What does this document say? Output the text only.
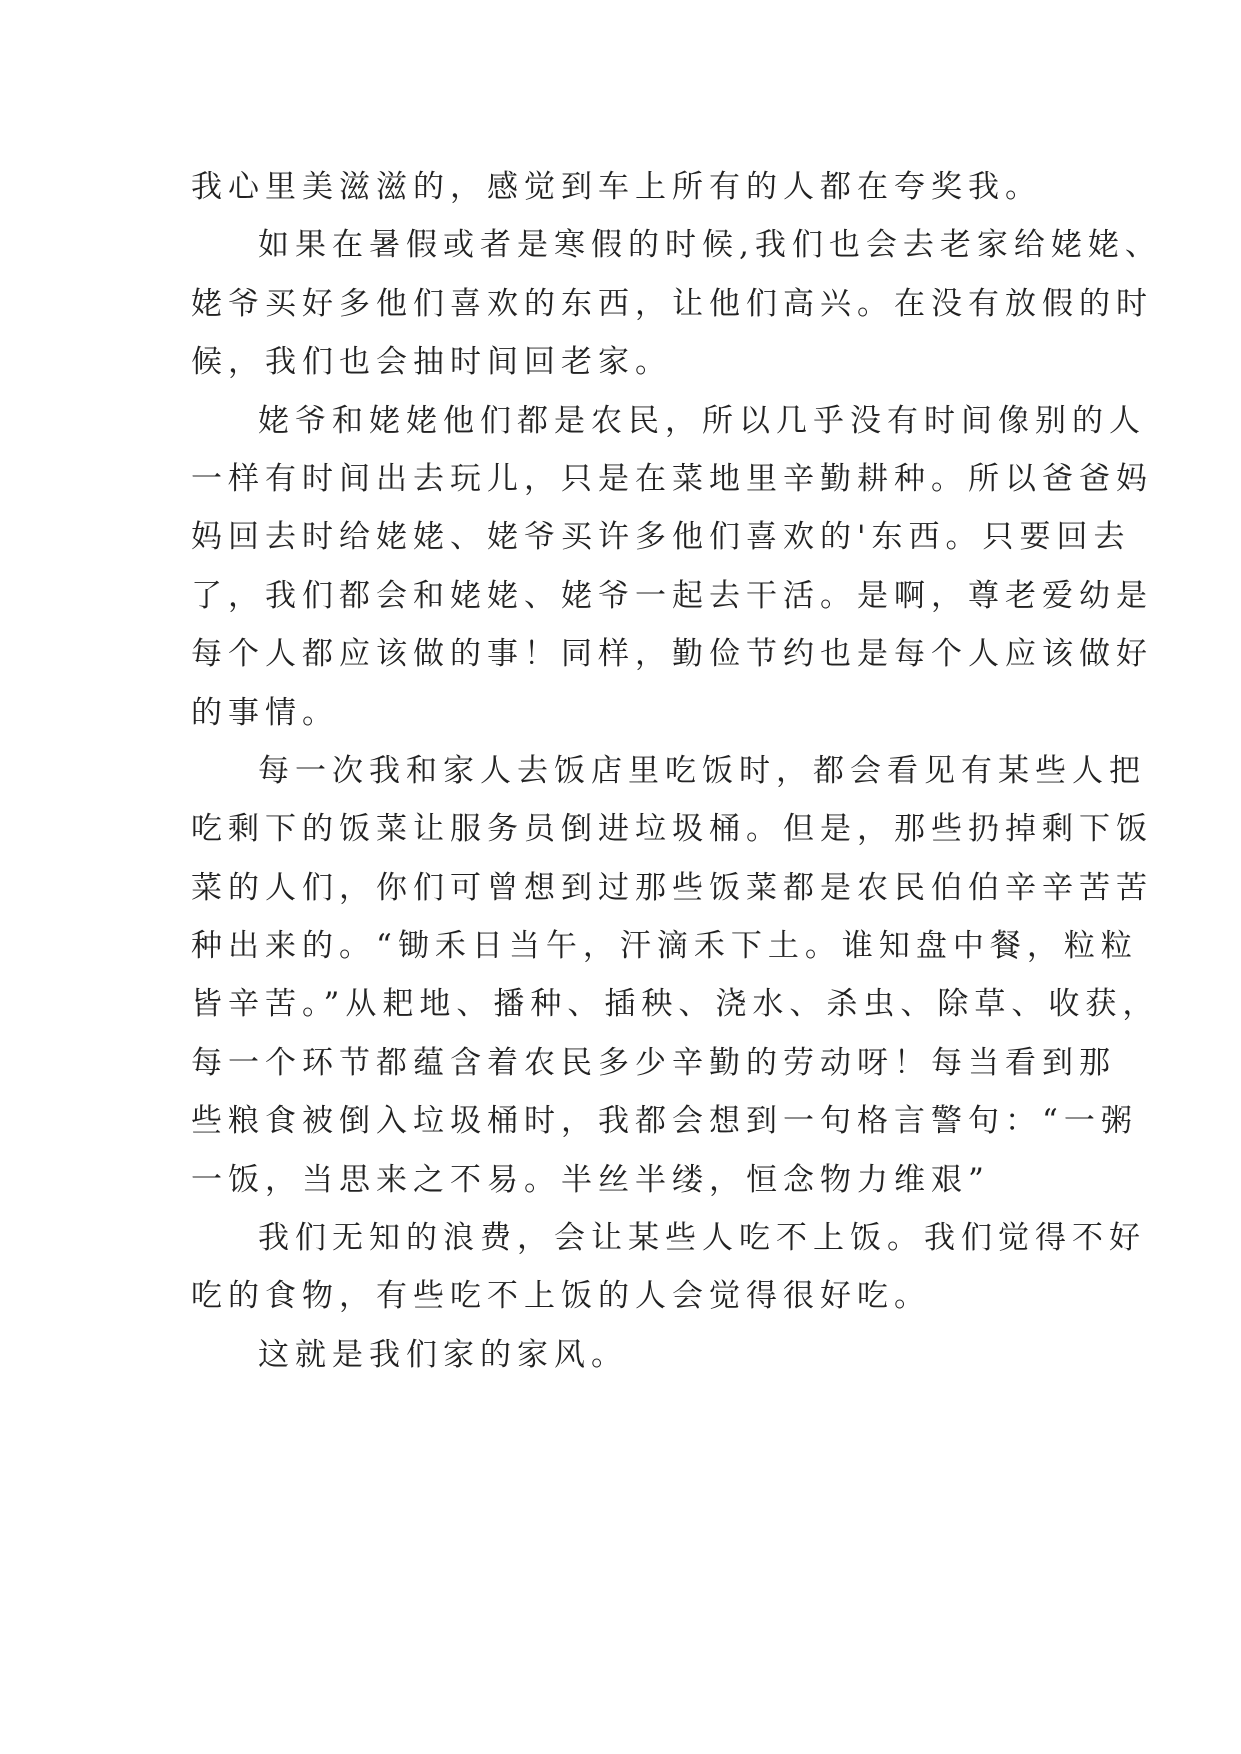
我心里美滋滋的，感觉到车上所有的人都在夸奖我。
如果在暑假或者是寒假的时候,我们也会去老家给姥姥、
姥爷买好多他们喜欢的东西，让他们高兴。在没有放假的时
候，我们也会抽时间回老家。
姥爷和姥姥他们都是农民，所以几乎没有时间像别的人
一样有时间出去玩儿，只是在菜地里辛勤耕种。所以爸爸妈
妈回去时给姥姥、姥爷买许多他们喜欢的'东西。只要回去
了，我们都会和姥姥、姥爷一起去干活。是啊，尊老爱幼是
每个人都应该做的事！同样，勤俭节约也是每个人应该做好
的事情。
每一次我和家人去饭店里吃饭时，都会看见有某些人把
吃剩下的饭菜让服务员倒进垃圾桶。但是，那些扔掉剩下饭
菜的人们，你们可曾想到过那些饭菜都是农民伯伯辛辛苦苦
种出来的。“锄禾日当午，汗滴禾下土。谁知盘中餐，粒粒
皆辛苦。”从耙地、播种、插秧、浇水、杀虫、除草、收获，
每一个环节都蕴含着农民多少辛勤的劳动呀！每当看到那
些粮食被倒入垃圾桶时，我都会想到一句格言警句：“一粥
一饭，当思来之不易。半丝半缕，恒念物力维艰”
我们无知的浪费，会让某些人吃不上饭。我们觉得不好
吃的食物，有些吃不上饭的人会觉得很好吃。
这就是我们家的家风。
